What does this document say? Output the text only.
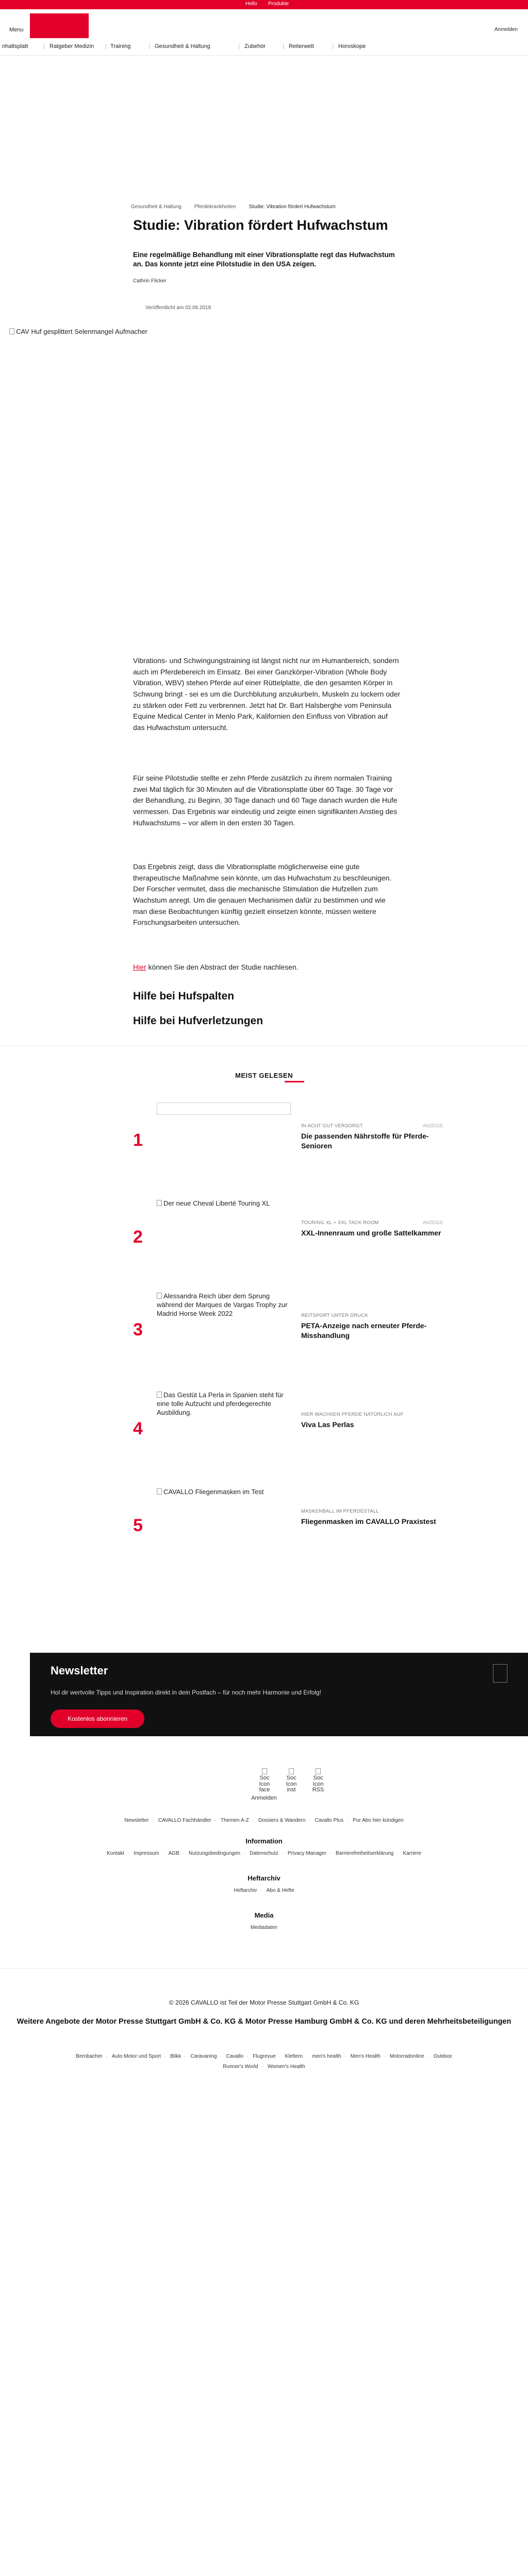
Hello Produkte
Menu	Anmelden
nhaltsplatt	| Ratgeber Medizin | Training	| Gesundheit & Haltung	| Zubehör	| Reiterwelt	| Horoskope
Gesundheit & Haltung Pferdekrankheiten Studie: Vibration fördert Hufwachstum
Studie: Vibration fördert Hufwachstum

Eine regelmäßige Behandlung mit einer Vibrationsplatte regt das Hufwachstum an. Das konnte jetzt eine Pilotstudie in den USA zeigen.

Cathrin Flicker
Veröffentlicht am 02.08.2018
CAV Huf gesplittert Selenmangel Aufmacher

Vibrations- und Schwingungstraining ist längst nicht nur im Humanbereich, sondern auch im Pferdebereich im Einsatz. Bei einer Ganzkörper-Vibration (Whole Body Vibration, WBV) stehen Pferde auf einer Rüttelplatte, die den gesamten Körper in Schwung bringt - sei es um die Durchblutung anzukurbeln, Muskeln zu lockern oder zu stärken oder Fett zu verbrennen. Jetzt hat Dr. Bart Halsberghe vom Peninsula Equine Medical Center in Menlo Park, Kalifornien den Einfluss von Vibration auf das Hufwachstum untersucht.

Für seine Pilotstudie stellte er zehn Pferde zusätzlich zu ihrem normalen Training zwei Mal täglich für 30 Minuten auf die Vibrationsplatte über 60 Tage. 30 Tage vor der Behandlung, zu Beginn, 30 Tage danach und 60 Tage danach wurden die Hufe vermessen. Das Ergebnis war eindeutig und zeigte einen signifikanten Anstieg des Hufwachstums – vor allem in den ersten 30 Tagen.

Das Ergebnis zeigt, dass die Vibrationsplatte möglicherweise eine gute therapeutische Maßnahme sein könnte, um das Hufwachstum zu beschleunigen. Der Forscher vermutet, dass die mechanische Stimulation die Hufzellen zum Wachstum anregt. Um die genauen Mechanismen dafür zu bestimmen und wie man diese Beobachtungen künftig gezielt einsetzen könnte, müssen weitere Forschungsarbeiten untersuchen.

Hier können Sie den Abstract der Studie nachlesen.

Hilfe bei Hufspalten
Hilfe bei Hufverletzungen
MEIST GELESEN
1
IN ACHT GUT VERSORGT	ANZEIGE
Die passenden Nährstoffe für Pferde-Senioren
2
Der neue Cheval Liberté Touring XL
TOURING XL + XXL TACK ROOM	ANZEIGE
XXL-Innenraum und große Sattelkammer
3
Alessandra Reich über dem Sprung während der Marques de Vargas Trophy zur Madrid Horse Week 2022	REITSPORT UNTER DRUCK
PETA-Anzeige nach erneuter Pferde-Misshandlung
4
Das Gestüt La Perla in Spanien steht für eine tolle Aufzucht und pferdegerechte Ausbildung.	HIER WACHSEN PFERDE NATÜRLICH AUF
Viva Las Perlas
5
CAVALLO Fliegenmasken im Test
MASKENBALL IM PFERDESTALL
Fliegenmasken im CAVALLO Praxistest
Newsletter
Hol dir wertvolle Tipps und Inspiration direkt in dein Postfach – für noch mehr Harmonie und Erfolg!
Kostenlos abonnieren
Soc Icon face
Soc Icon inst
Soc Icon RSS
Anmelden
Newsletter · CAVALLO Fachhändler · Themen A-Z · Dossiers & Wandern · Cavallo Plus · Pur Abo hier kündigen
Information
Kontakt · Impressum · AGB · Nutzungsbedingungen · Datenschutz · Privacy Manager · Barrierefreiheitserklärung · Karriere
Heftarchiv
Heftarchiv · Abo & Hefte
Media
Mediadaten
© 2026 CAVALLO ist Teil der Motor Presse Stuttgart GmbH & Co. KG
Weitere Angebote der Motor Presse Stuttgart GmbH & Co. KG & Motor Presse Hamburg GmbH & Co. KG und deren Mehrheitsbeteiligungen
Bernbacher · Auto Motor und Sport · Blikk · Caravaning · Cavallo · Flugrevue · Klettern · men's health · Men's Health · Motorradonline · Outdoor
Runner's World · Women's Health
